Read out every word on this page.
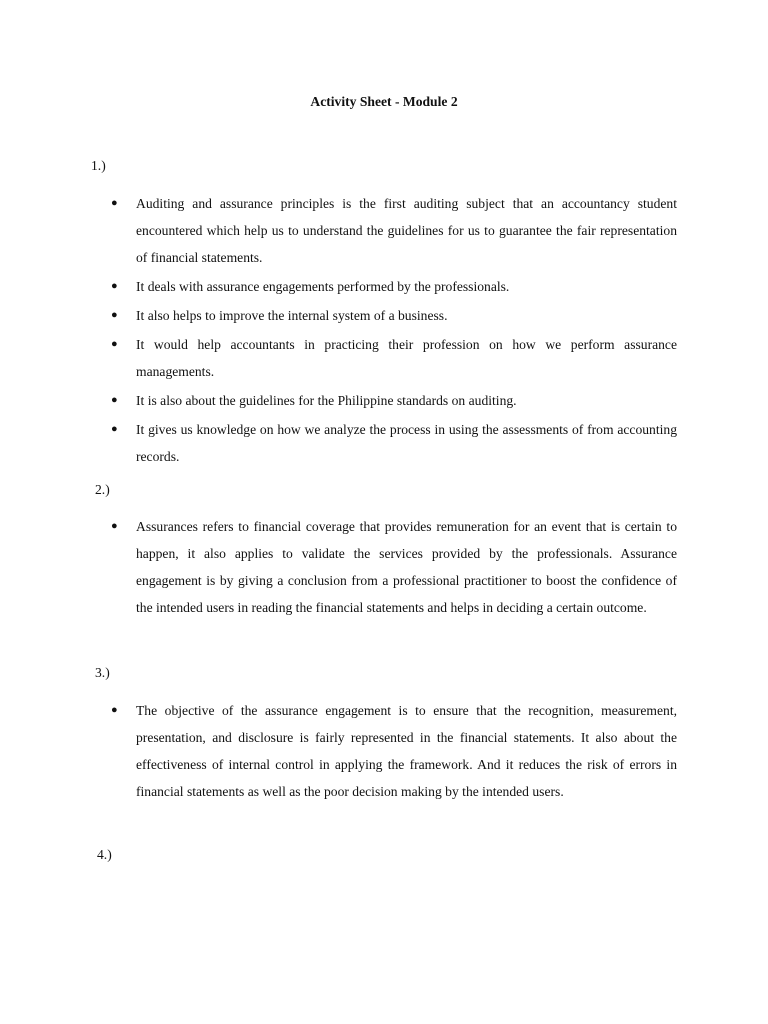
Activity Sheet - Module 2
1.)
●	Auditing and assurance principles is the first auditing subject that an accountancy student encountered which help us to understand the guidelines for us to guarantee the fair representation of financial statements.
●	It deals with assurance engagements performed by the professionals.
●	It also helps to improve the internal system of a business.
●	It would help accountants in practicing their profession on how we perform assurance managements.
●	It is also about the guidelines for the Philippine standards on auditing.
●	It gives us knowledge on how we analyze the process in using the assessments of from accounting records.
2.)
●	Assurances refers to financial coverage that provides remuneration for an event that is certain to happen, it also applies to validate the services provided by the professionals. Assurance engagement is by giving a conclusion from a professional practitioner to boost the confidence of the intended users in reading the financial statements and helps in deciding a certain outcome.
3.)
●	The objective of the assurance engagement is to ensure that the recognition, measurement, presentation, and disclosure is fairly represented in the financial statements. It also about the effectiveness of internal control in applying the framework. And it reduces the risk of errors in financial statements as well as the poor decision making by the intended users.
4.)
